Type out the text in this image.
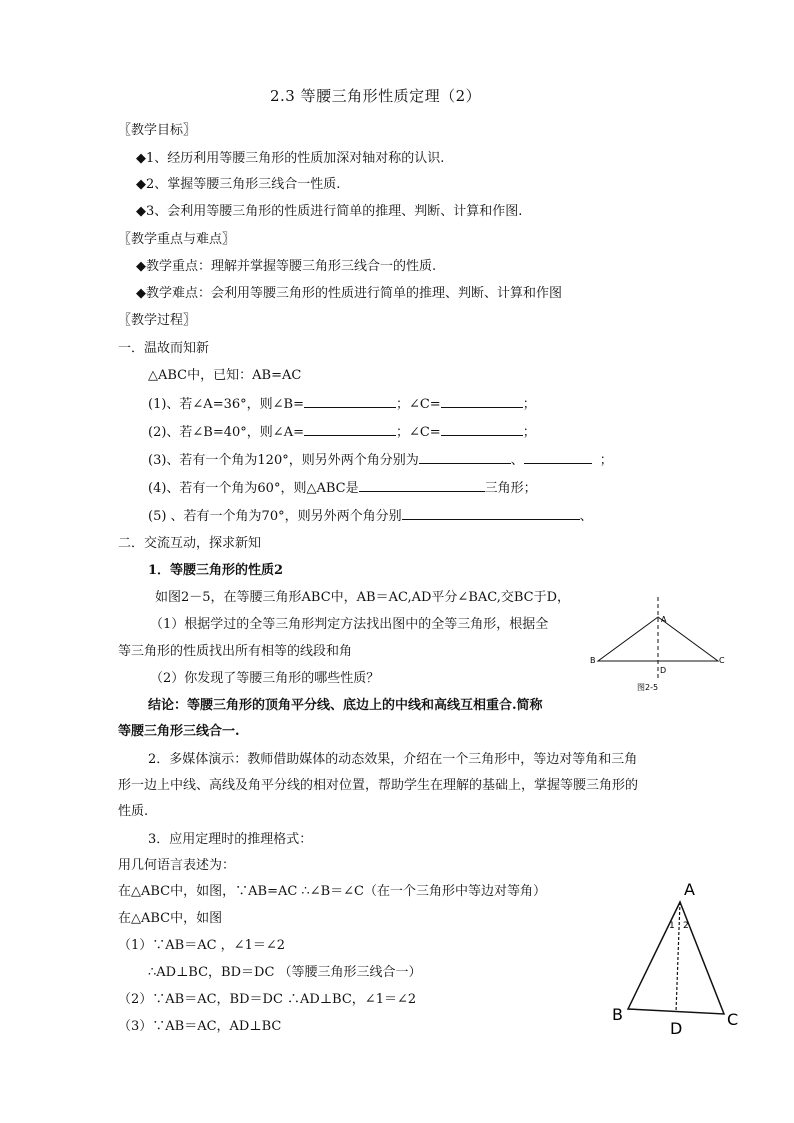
2.3 等腰三角形性质定理（2）
〖教学目标〗
◆1、经历利用等腰三角形的性质加深对轴对称的认识.
◆2、掌握等腰三角形三线合一性质.
◆3、会利用等腰三角形的性质进行简单的推理、判断、计算和作图.
〖教学重点与难点〗
◆教学重点：理解并掌握等腰三角形三线合一的性质.
◆教学难点：会利用等腰三角形的性质进行简单的推理、判断、计算和作图
〖教学过程〗
一．温故而知新
△ABC中，已知：AB=AC
(1)、若∠A=36°，则∠B=	；∠C=	；
(2)、若∠B=40°，则∠A=	；∠C=	；
(3)、若有一个角为120°，则另外两个角分别为	、	；
(4)、若有一个角为60°，则△ABC是	三角形；
(5) 、若有一个角为70°，则另外两个角分别	、
二．交流互动，探求新知
1．等腰三角形的性质2
如图2－5，在等腰三角形ABC中，AB＝AC,AD平分∠BAC,交BC于D，
（1）根据学过的全等三角形判定方法找出图中的全等三角形，根据全
等三角形的性质找出所有相等的线段和角
（2）你发现了等腰三角形的哪些性质？
结论：等腰三角形的顶角平分线、底边上的中线和高线互相重合.简称
等腰三角形三线合一.
2．多媒体演示：教师借助媒体的动态效果，介绍在一个三角形中，等边对等角和三角
形一边上中线、高线及角平分线的相对位置，帮助学生在理解的基础上，掌握等腰三角形的
性质.
3．应用定理时的推理格式：
用几何语言表述为：
在△ABC中，如图，∵AB=AC ∴∠B＝∠C（在一个三角形中等边对等角）
在△ABC中，如图
（1）∵AB＝AC ，∠1＝∠2
∴AD⊥BC，BD＝DC （等腰三角形三线合一）
（2）∵AB＝AC，BD＝DC ∴AD⊥BC，∠1＝∠2
（3）∵AB＝AC，AD⊥BC
A
B	C
D
图2-5
A
B	C
D
1 2
